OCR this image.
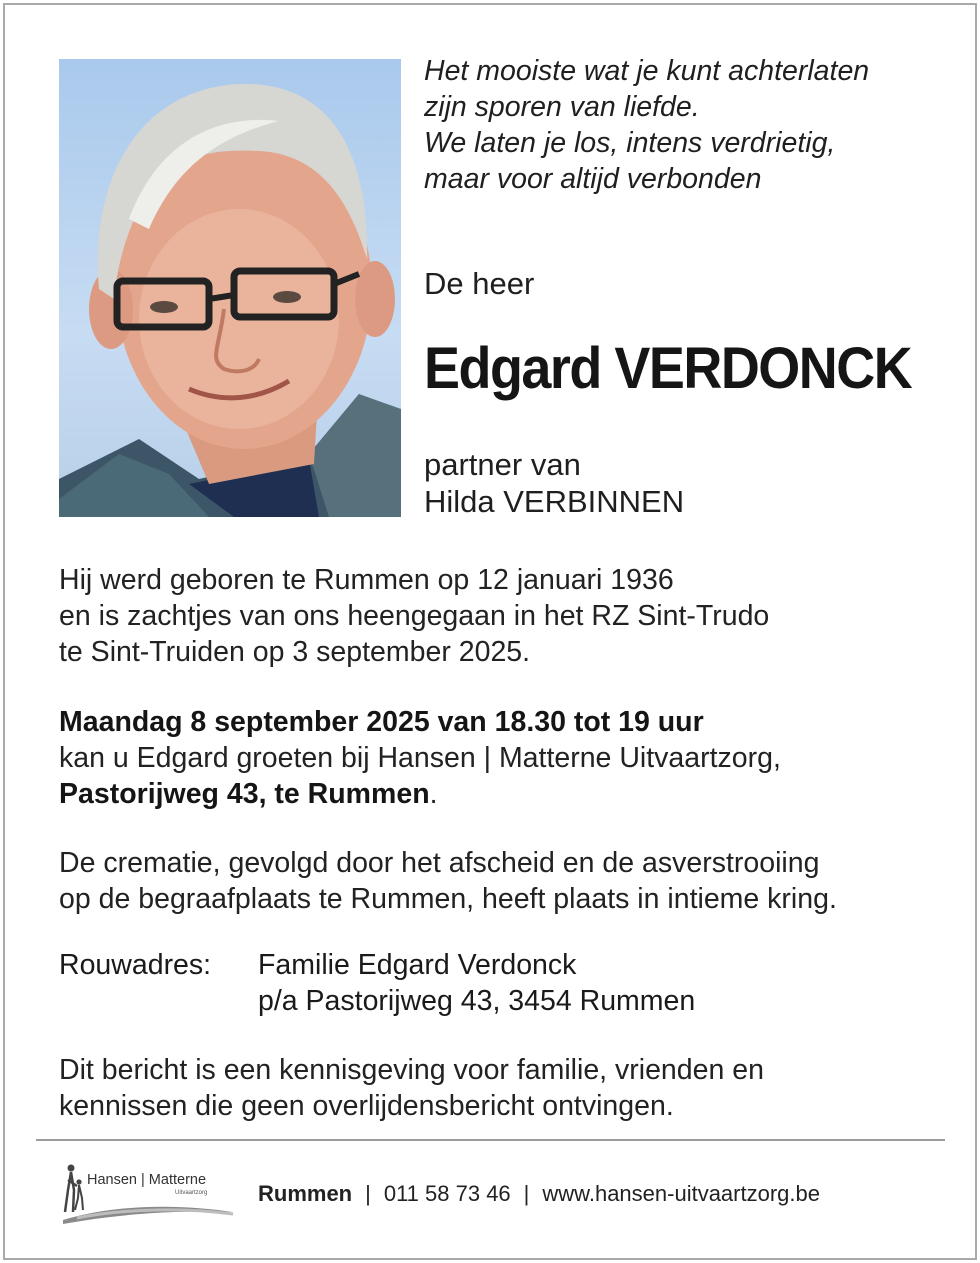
Het mooiste wat je kunt achterlaten
zijn sporen van liefde.
We laten je los, intens verdrietig,
maar voor altijd verbonden
De heer
Edgard VERDONCK
partner van
Hilda VERBINNEN
Hij werd geboren te Rummen op 12 januari 1936
en is zachtjes van ons heengegaan in het RZ Sint-Trudo
te Sint-Truiden op 3 september 2025.
Maandag 8 september 2025 van 18.30 tot 19 uur
kan u Edgard groeten bij Hansen | Matterne Uitvaartzorg,
Pastorijweg 43, te Rummen.
De crematie, gevolgd door het afscheid en de asverstrooiing
op de begraafplaats te Rummen, heeft plaats in intieme kring.
Rouwadres: Familie Edgard Verdonck
p/a Pastorijweg 43, 3454 Rummen
Dit bericht is een kennisgeving voor familie, vrienden en
kennissen die geen overlijdensbericht ontvingen.
Hansen | Matterne
Uitvaartzorg Rummen | 011 58 73 46 | www.hansen-uitvaartzorg.be
